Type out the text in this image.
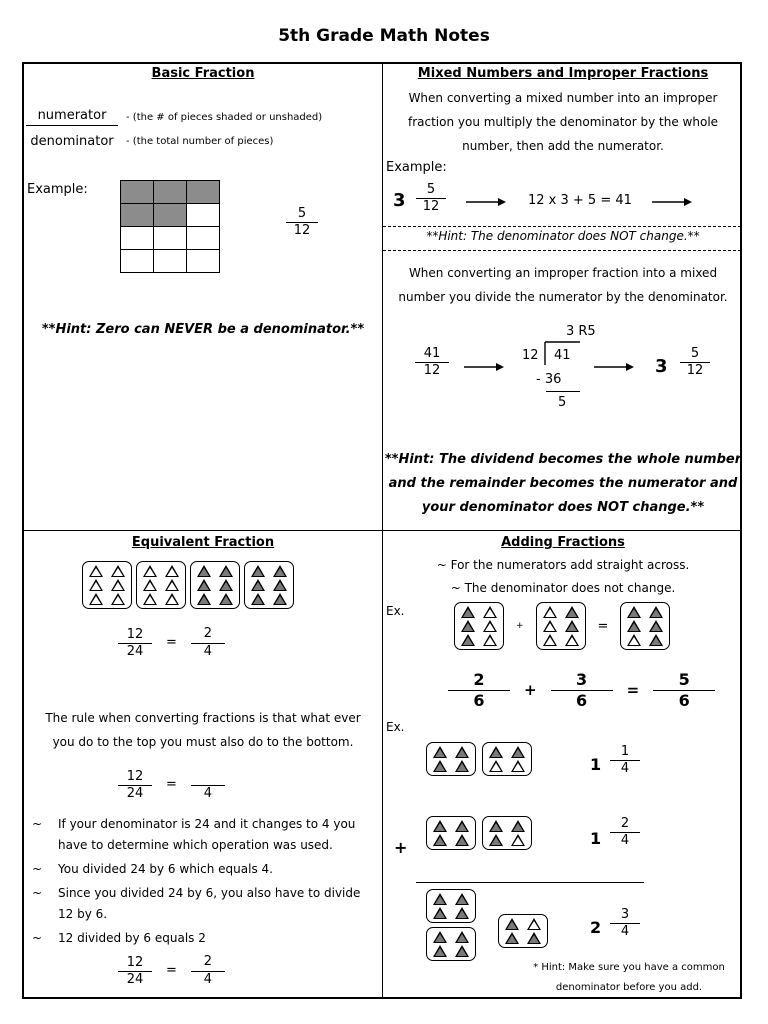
5th Grade Math Notes
Basic Fraction
numerator	- (the # of pieces shaded or unshaded)
denominator	- (the total number of pieces)
Example:

5
12
**Hint: Zero can NEVER be a denominator.**
Mixed Numbers and Improper Fractions
When converting a mixed number into an improper
fraction you multiply the denominator by the whole
number, then add the numerator.
Example:
3
5
12	12 x 3 + 5 = 41
**Hint: The denominator does NOT change.**
When converting an improper fraction into a mixed
number you divide the numerator by the denominator.
41
12
3 R5
12 41
- 36
5
3
5
12
**Hint: The dividend becomes the whole number
and the remainder becomes the numerator and
your denominator does NOT change.**
Equivalent Fraction
$\frac{12}{24} = \frac{2}{4}$
The rule when converting fractions is that what ever
you do to the top you must also do to the bottom.
$\frac{12}{24}$ =
4
~	If your denominator is 24 and it changes to 4 you
have to determine which operation was used.
~	You divided 24 by 6 which equals 4.
~	Since you divided 24 by 6, you also have to divide
12 by 6.
~	12 divided by 6 equals 2
$\frac{12}{24} = \frac{2}{4}$
Adding Fractions
~ For the numerators add straight across.
~ The denominator does not change.
Ex.
+	=
$\frac{2}{6} + \frac{3}{6} = \frac{5}{6}$
Ex.
1
1
4
+	1
2
4
2
3
4
* Hint: Make sure you have a common
denominator before you add.
